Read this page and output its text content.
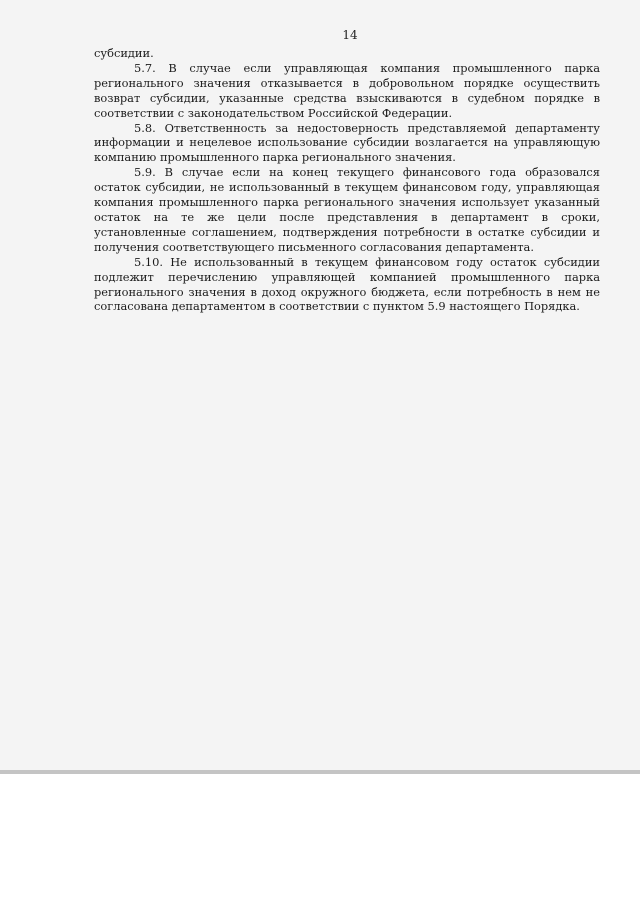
14

субсидии.

5.7. В случае если управляющая компания промышленного парка регионального значения отказывается в добровольном порядке осуществить возврат субсидии, указанные средства взыскиваются в судебном порядке в соответствии с законодательством Российской Федерации.

5.8. Ответственность за недостоверность представляемой департаменту информации и нецелевое использование субсидии возлагается на управляющую компанию промышленного парка регионального значения.

5.9. В случае если на конец текущего финансового года образовался остаток субсидии, не использованный в текущем финансовом году, управляющая компания промышленного парка регионального значения использует указанный остаток на те же цели после представления в департамент в сроки, установленные соглашением, подтверждения потребности в остатке субсидии и получения соответствующего письменного согласования департамента.

5.10. Не использованный в текущем финансовом году остаток субсидии подлежит перечислению управляющей компанией промышленного парка регионального значения в доход окружного бюджета, если потребность в нем не согласована департаментом в соответствии с пунктом 5.9 настоящего Порядка.
